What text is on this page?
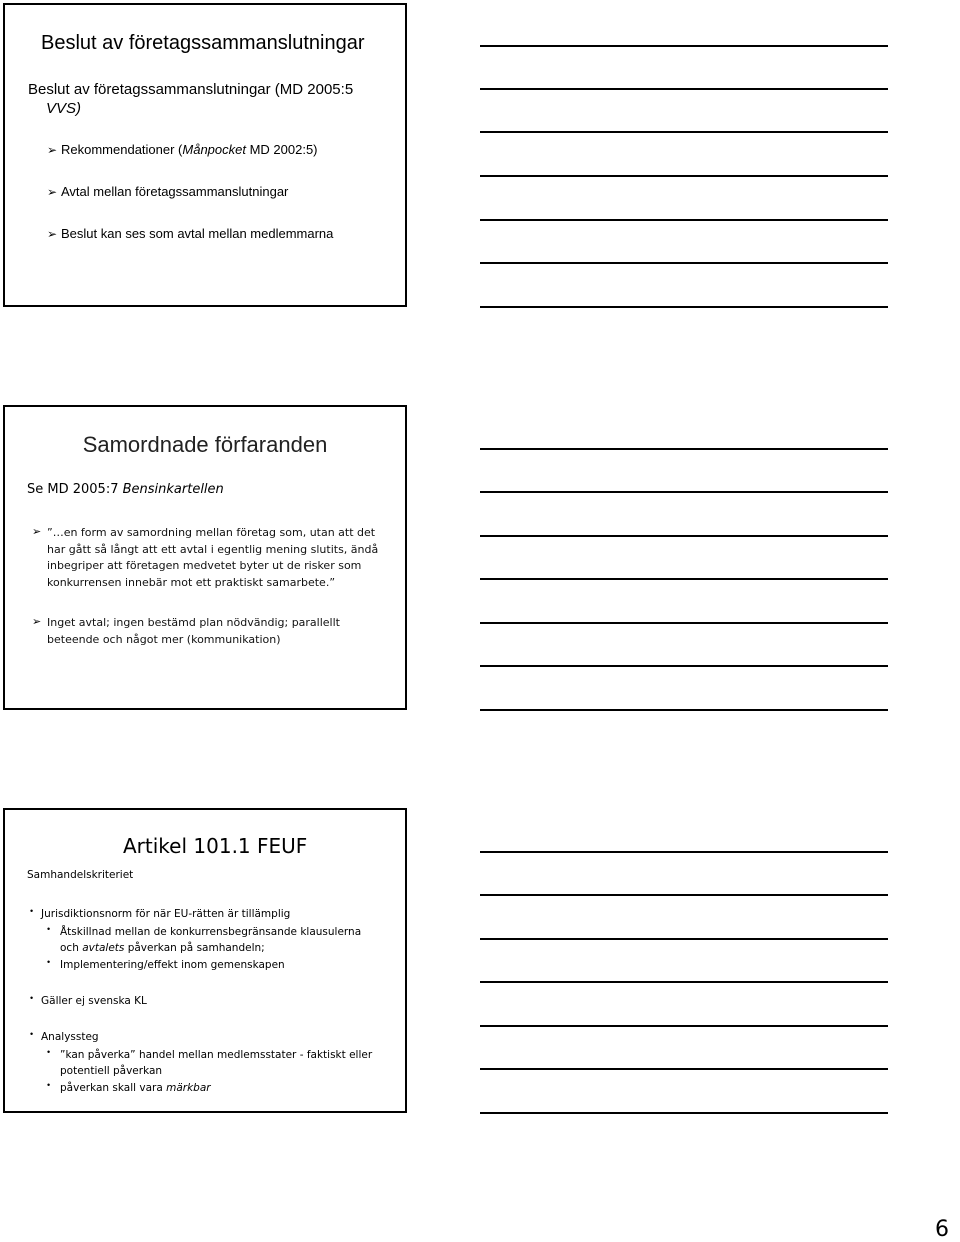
Beslut av företagssammanslutningar
Beslut av företagssammanslutningar (MD 2005:5
VVS)
➢ Rekommendationer (Månpocket MD 2002:5)
➢ Avtal mellan företagssammanslutningar
➢ Beslut kan ses som avtal mellan medlemmarna
Samordnade förfaranden
Se MD 2005:7 Bensinkartellen
➢ ”…en form av samordning mellan företag som, utan att det har gått så långt att ett avtal i egentlig mening slutits, ändå inbegriper att företagen medvetet byter ut de risker som konkurrensen innebär mot ett praktiskt samarbete.”
➢ Inget avtal; ingen bestämd plan nödvändig; parallellt beteende och något mer (kommunikation)
Artikel 101.1 FEUF
Samhandelskriteriet
• Jurisdiktionsnorm för när EU-rätten är tillämplig
• Åtskillnad mellan de konkurrensbegränsande klausulerna
och avtalets påverkan på samhandeln;
• Implementering/effekt inom gemenskapen
• Gäller ej svenska KL
• Analyssteg
• ”kan påverka” handel mellan medlemsstater - faktiskt eller
potentiell påverkan
• påverkan skall vara märkbar
6
